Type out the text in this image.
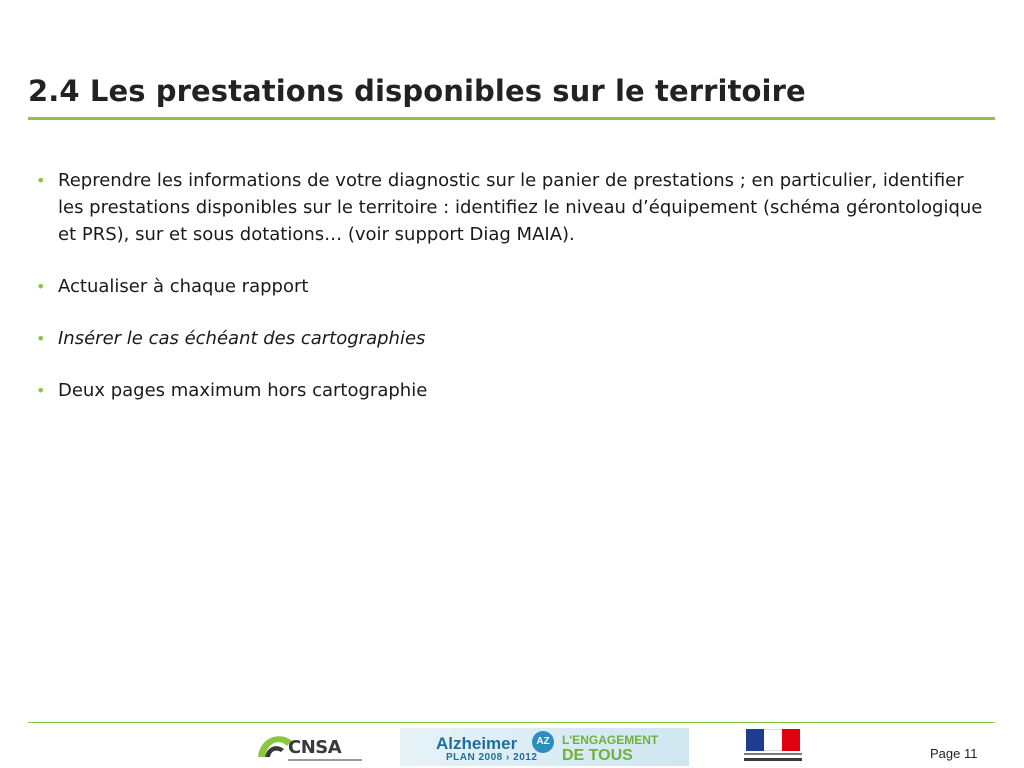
2.4 Les prestations disponibles sur le territoire
• Reprendre les informations de votre diagnostic sur le panier de prestations ; en particulier, identifier les prestations disponibles sur le territoire : identifiez le niveau d’équipement (schéma gérontologique et PRS), sur et sous dotations… (voir support Diag MAIA).
• Actualiser à chaque rapport
• Insérer le cas échéant des cartographies
• Deux pages maximum hors cartographie
CNSA	Alzheimer
PLAN 2008 › 2012
AZ	L'ENGAGEMENT
DE TOUS	Page 11
